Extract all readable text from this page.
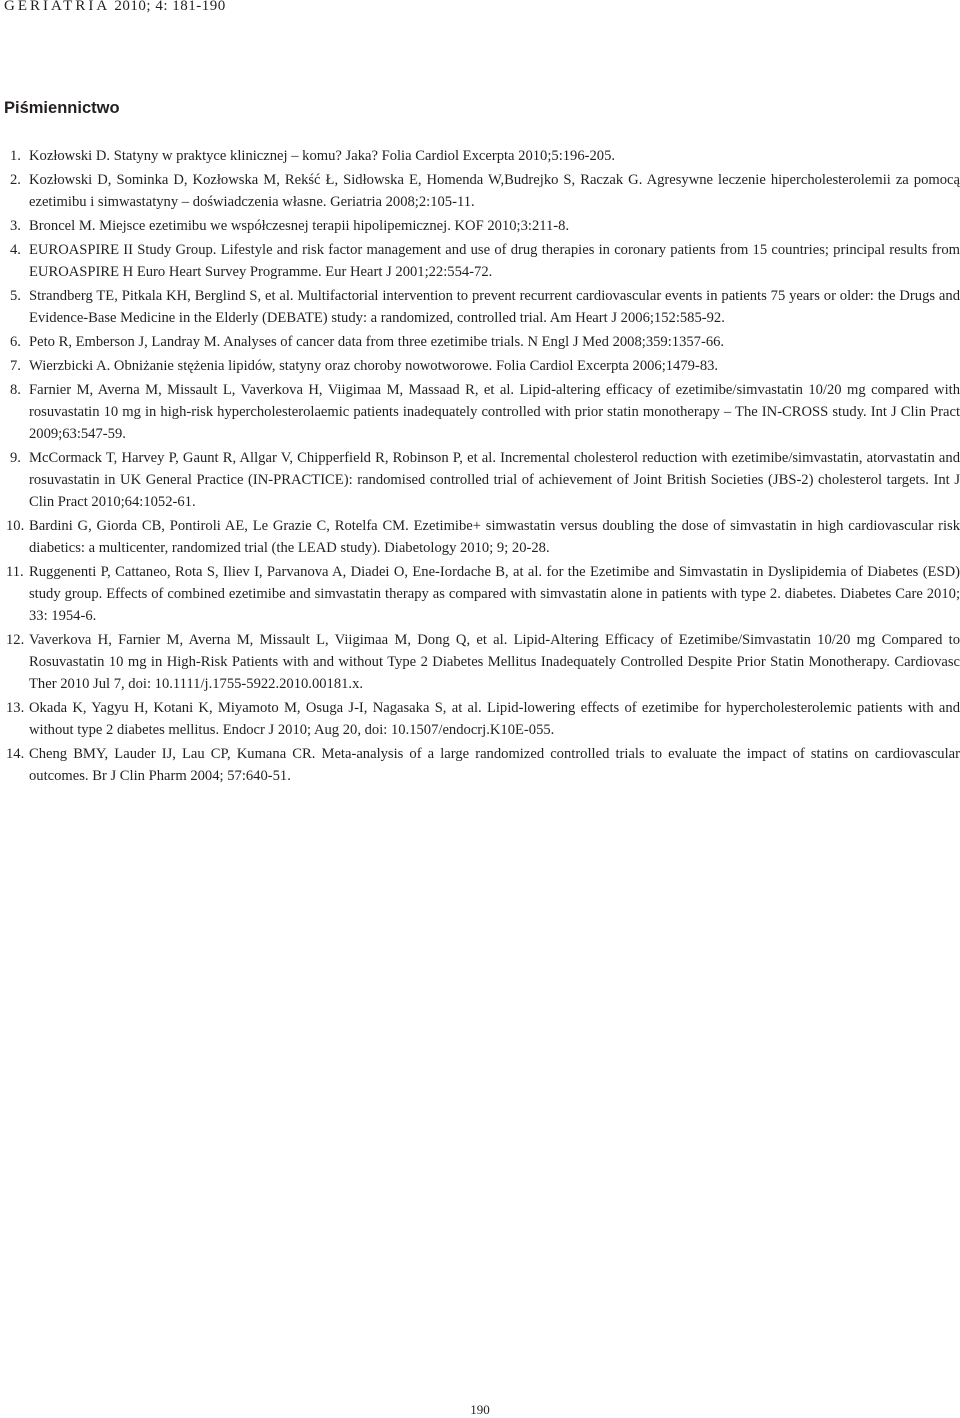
GERIATRIA 2010; 4: 181-190
Piśmiennictwo
1. Kozłowski D. Statyny w praktyce klinicznej – komu? Jaka? Folia Cardiol Excerpta 2010;5:196-205.
2. Kozłowski D, Sominka D, Kozłowska M, Rekść Ł, Sidłowska E, Homenda W,Budrejko S, Raczak G. Agresywne leczenie hipercholesterolemii za pomocą ezetimibu i simwastatyny – doświadczenia własne. Geriatria 2008;2:105-11.
3. Broncel M. Miejsce ezetimibu we współczesnej terapii hipolipemicznej. KOF 2010;3:211-8.
4. EUROASPIRE II Study Group. Lifestyle and risk factor management and use of drug therapies in coronary patients from 15 countries; principal results from EUROASPIRE H Euro Heart Survey Programme. Eur Heart J 2001;22:554-72.
5. Strandberg TE, Pitkala KH, Berglind S, et al. Multifactorial intervention to prevent recurrent cardiovascular events in patients 75 years or older: the Drugs and Evidence-Base Medicine in the Elderly (DEBATE) study: a randomized, controlled trial. Am Heart J 2006;152:585-92.
6. Peto R, Emberson J, Landray M. Analyses of cancer data from three ezetimibe trials. N Engl J Med 2008;359:1357-66.
7. Wierzbicki A. Obniżanie stężenia lipidów, statyny oraz choroby nowotworowe. Folia Cardiol Excerpta 2006;1479-83.
8. Farnier M, Averna M, Missault L, Vaverkova H, Viigimaa M, Massaad R, et al. Lipid-altering efficacy of ezetimibe/simvastatin 10/20 mg compared with rosuvastatin 10 mg in high-risk hypercholesterolaemic patients inadequately controlled with prior statin monotherapy – The IN-CROSS study. Int J Clin Pract 2009;63:547-59.
9. McCormack T, Harvey P, Gaunt R, Allgar V, Chipperfield R, Robinson P, et al. Incremental cholesterol reduction with ezetimibe/simvastatin, atorvastatin and rosuvastatin in UK General Practice (IN-PRACTICE): randomised controlled trial of achievement of Joint British Societies (JBS-2) cholesterol targets. Int J Clin Pract 2010;64:1052-61.
10. Bardini G, Giorda CB, Pontiroli AE, Le Grazie C, Rotelfa CM. Ezetimibe+ simwastatin versus doubling the dose of simvastatin in high cardiovascular risk diabetics: a multicenter, randomized trial (the LEAD study). Diabetology 2010; 9; 20-28.
11. Ruggenenti P, Cattaneo, Rota S, Iliev I, Parvanova A, Diadei O, Ene-Iordache B, at al. for the Ezetimibe and Simvastatin in Dyslipidemia of Diabetes (ESD) study group. Effects of combined ezetimibe and simvastatin therapy as compared with simvastatin alone in patients with type 2. diabetes. Diabetes Care 2010; 33: 1954-6.
12. Vaverkova H, Farnier M, Averna M, Missault L, Viigimaa M, Dong Q, et al. Lipid-Altering Efficacy of Ezetimibe/Simvastatin 10/20 mg Compared to Rosuvastatin 10 mg in High-Risk Patients with and without Type 2 Diabetes Mellitus Inadequately Controlled Despite Prior Statin Monotherapy. Cardiovasc Ther 2010 Jul 7, doi: 10.1111/j.1755-5922.2010.00181.x.
13. Okada K, Yagyu H, Kotani K, Miyamoto M, Osuga J-I, Nagasaka S, at al. Lipid-lowering effects of ezetimibe for hypercholesterolemic patients with and without type 2 diabetes mellitus. Endocr J 2010; Aug 20, doi: 10.1507/endocrj.K10E-055.
14. Cheng BMY, Lauder IJ, Lau CP, Kumana CR. Meta-analysis of a large randomized controlled trials to evaluate the impact of statins on cardiovascular outcomes. Br J Clin Pharm 2004; 57:640-51.
190
